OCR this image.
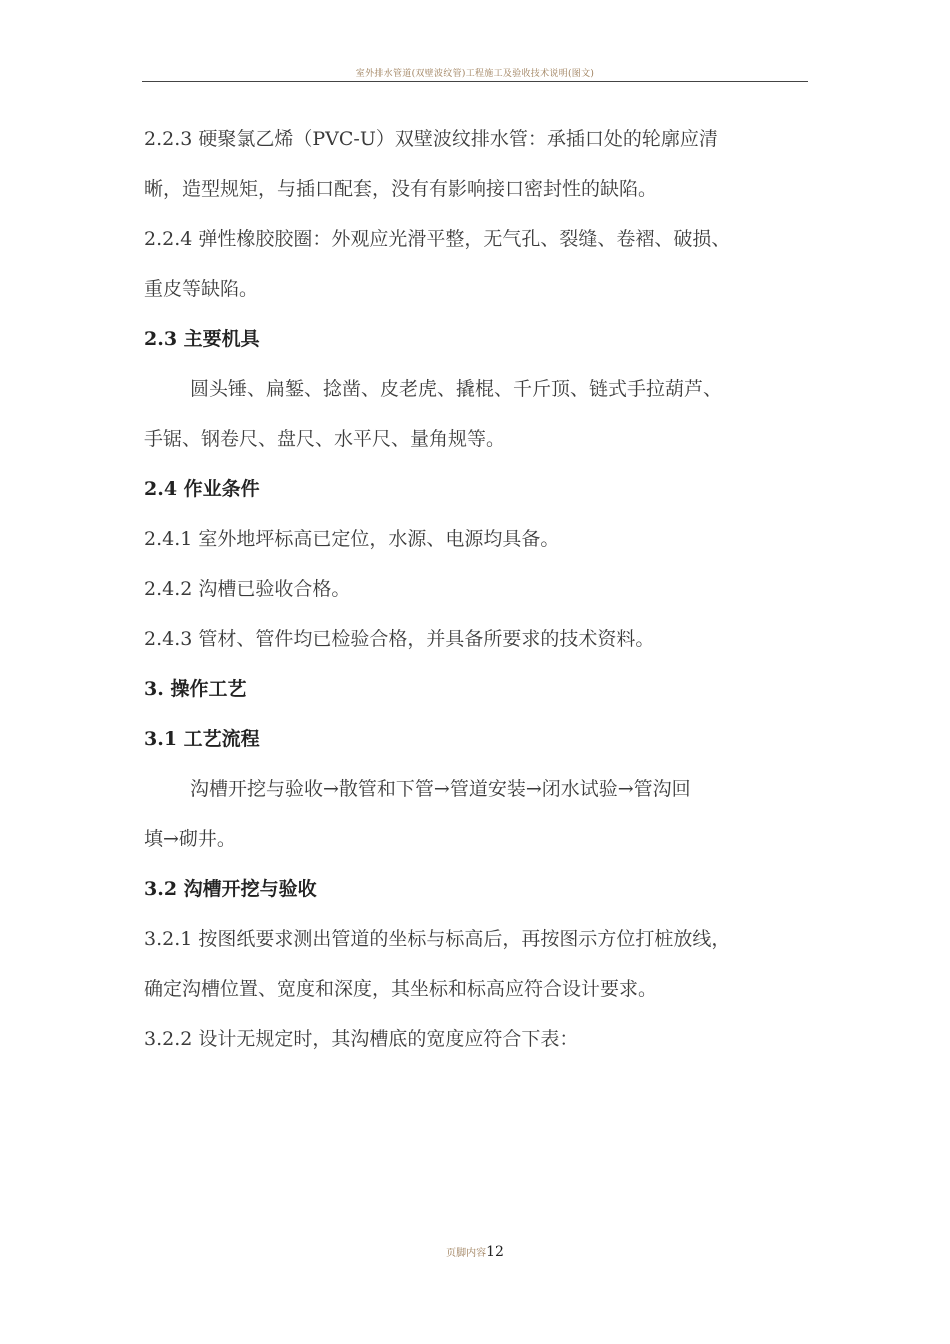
室外排水管道(双壁波纹管)工程施工及验收技术说明(图文)
2.2.3 硬聚氯乙烯（PVC-U）双壁波纹排水管：承插口处的轮廓应清
晰，造型规矩，与插口配套，没有有影响接口密封性的缺陷。
2.2.4 弹性橡胶胶圈：外观应光滑平整，无气孔、裂缝、卷褶、破损、
重皮等缺陷。
2.3 主要机具
圆头锤、扁錾、捻凿、皮老虎、撬棍、千斤顶、链式手拉葫芦、
手锯、钢卷尺、盘尺、水平尺、量角规等。
2.4 作业条件
2.4.1 室外地坪标高已定位，水源、电源均具备。
2.4.2 沟槽已验收合格。
2.4.3 管材、管件均已检验合格，并具备所要求的技术资料。
3. 操作工艺
3.1 工艺流程
沟槽开挖与验收→散管和下管→管道安装→闭水试验→管沟回
填→砌井。
3.2 沟槽开挖与验收
3.2.1 按图纸要求测出管道的坐标与标高后，再按图示方位打桩放线，
确定沟槽位置、宽度和深度，其坐标和标高应符合设计要求。
3.2.2 设计无规定时，其沟槽底的宽度应符合下表：
页脚内容12
